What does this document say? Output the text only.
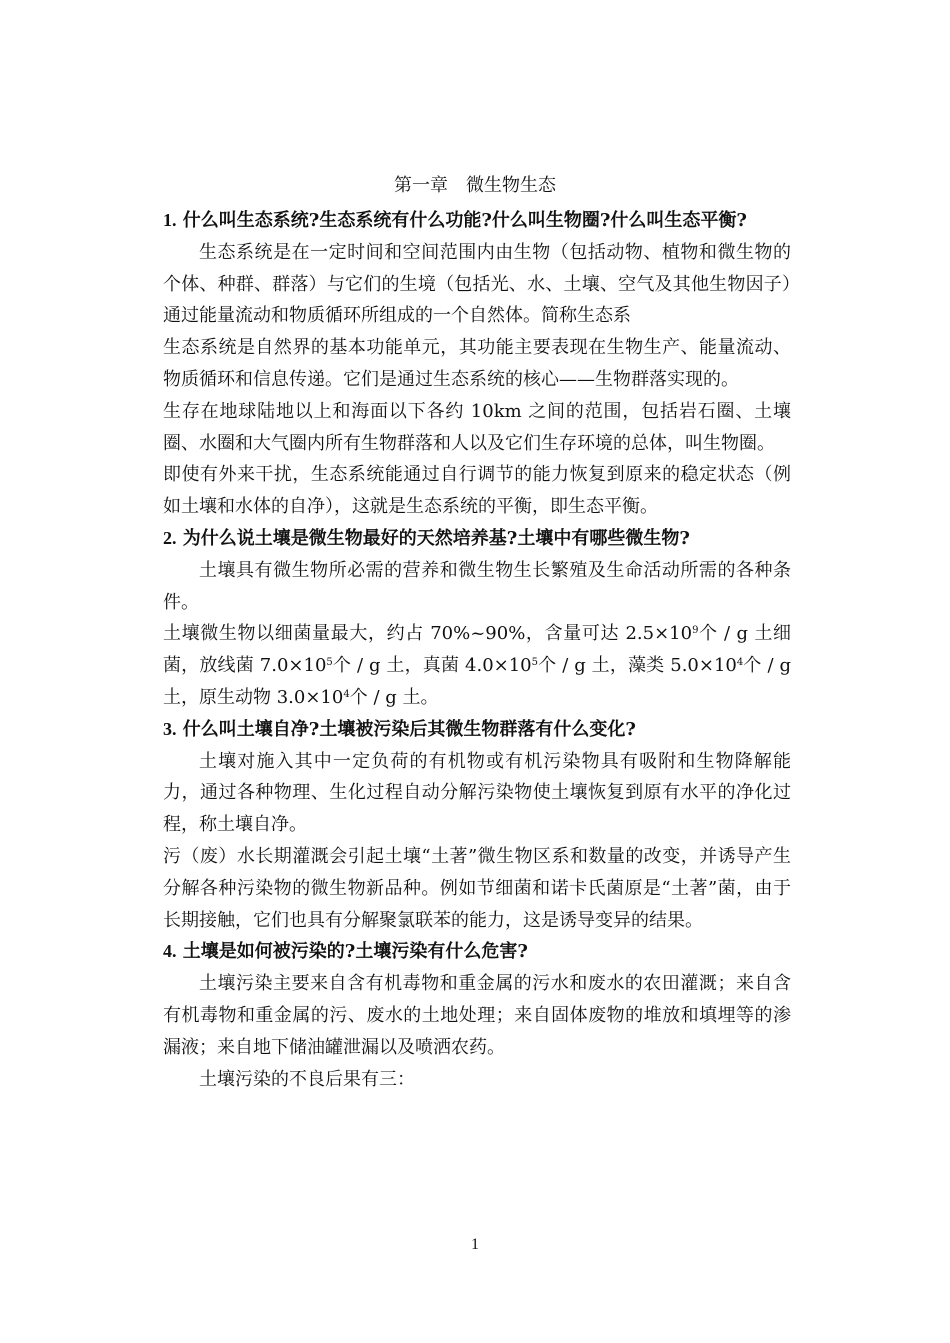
第一章　微生物生态

1. 什么叫生态系统?生态系统有什么功能?什么叫生物圈?什么叫生态平衡?

生态系统是在一定时间和空间范围内由生物（包括动物、植物和微生物的个体、种群、群落）与它们的生境（包括光、水、土壤、空气及其他生物因子）通过能量流动和物质循环所组成的一个自然体。简称生态系

生态系统是自然界的基本功能单元，其功能主要表现在生物生产、能量流动、物质循环和信息传递。它们是通过生态系统的核心——生物群落实现的。

生存在地球陆地以上和海面以下各约 10km 之间的范围，包括岩石圈、土壤圈、水圈和大气圈内所有生物群落和人以及它们生存环境的总体，叫生物圈。

即使有外来干扰，生态系统能通过自行调节的能力恢复到原来的稳定状态（例如土壤和水体的自净），这就是生态系统的平衡，即生态平衡。

2. 为什么说土壤是微生物最好的天然培养基?土壤中有哪些微生物?

土壤具有微生物所必需的营养和微生物生长繁殖及生命活动所需的各种条件。

土壤微生物以细菌量最大，约占 70%~90%，含量可达 $2.5\times 10^9$个 / g 土细菌，放线菌 $7.0\times 10^5$个 / g 土，真菌 $4.0\times 10^5$个 / g 土，藻类 $5.0\times 10^4$个 / g 土，原生动物 $3.0\times 10^4$个 / g 土。

3. 什么叫土壤自净?土壤被污染后其微生物群落有什么变化?

土壤对施入其中一定负荷的有机物或有机污染物具有吸附和生物降解能力，通过各种物理、生化过程自动分解污染物使土壤恢复到原有水平的净化过程，称土壤自净。

污（废）水长期灌溉会引起土壤“土著”微生物区系和数量的改变，并诱导产生分解各种污染物的微生物新品种。例如节细菌和诺卡氏菌原是“土著”菌，由于长期接触，它们也具有分解聚氯联苯的能力，这是诱导变异的结果。

4. 土壤是如何被污染的?土壤污染有什么危害?

土壤污染主要来自含有机毒物和重金属的污水和废水的农田灌溉；来自含有机毒物和重金属的污、废水的土地处理；来自固体废物的堆放和填埋等的渗漏液；来自地下储油罐泄漏以及喷洒农药。

土壤污染的不良后果有三：

1
